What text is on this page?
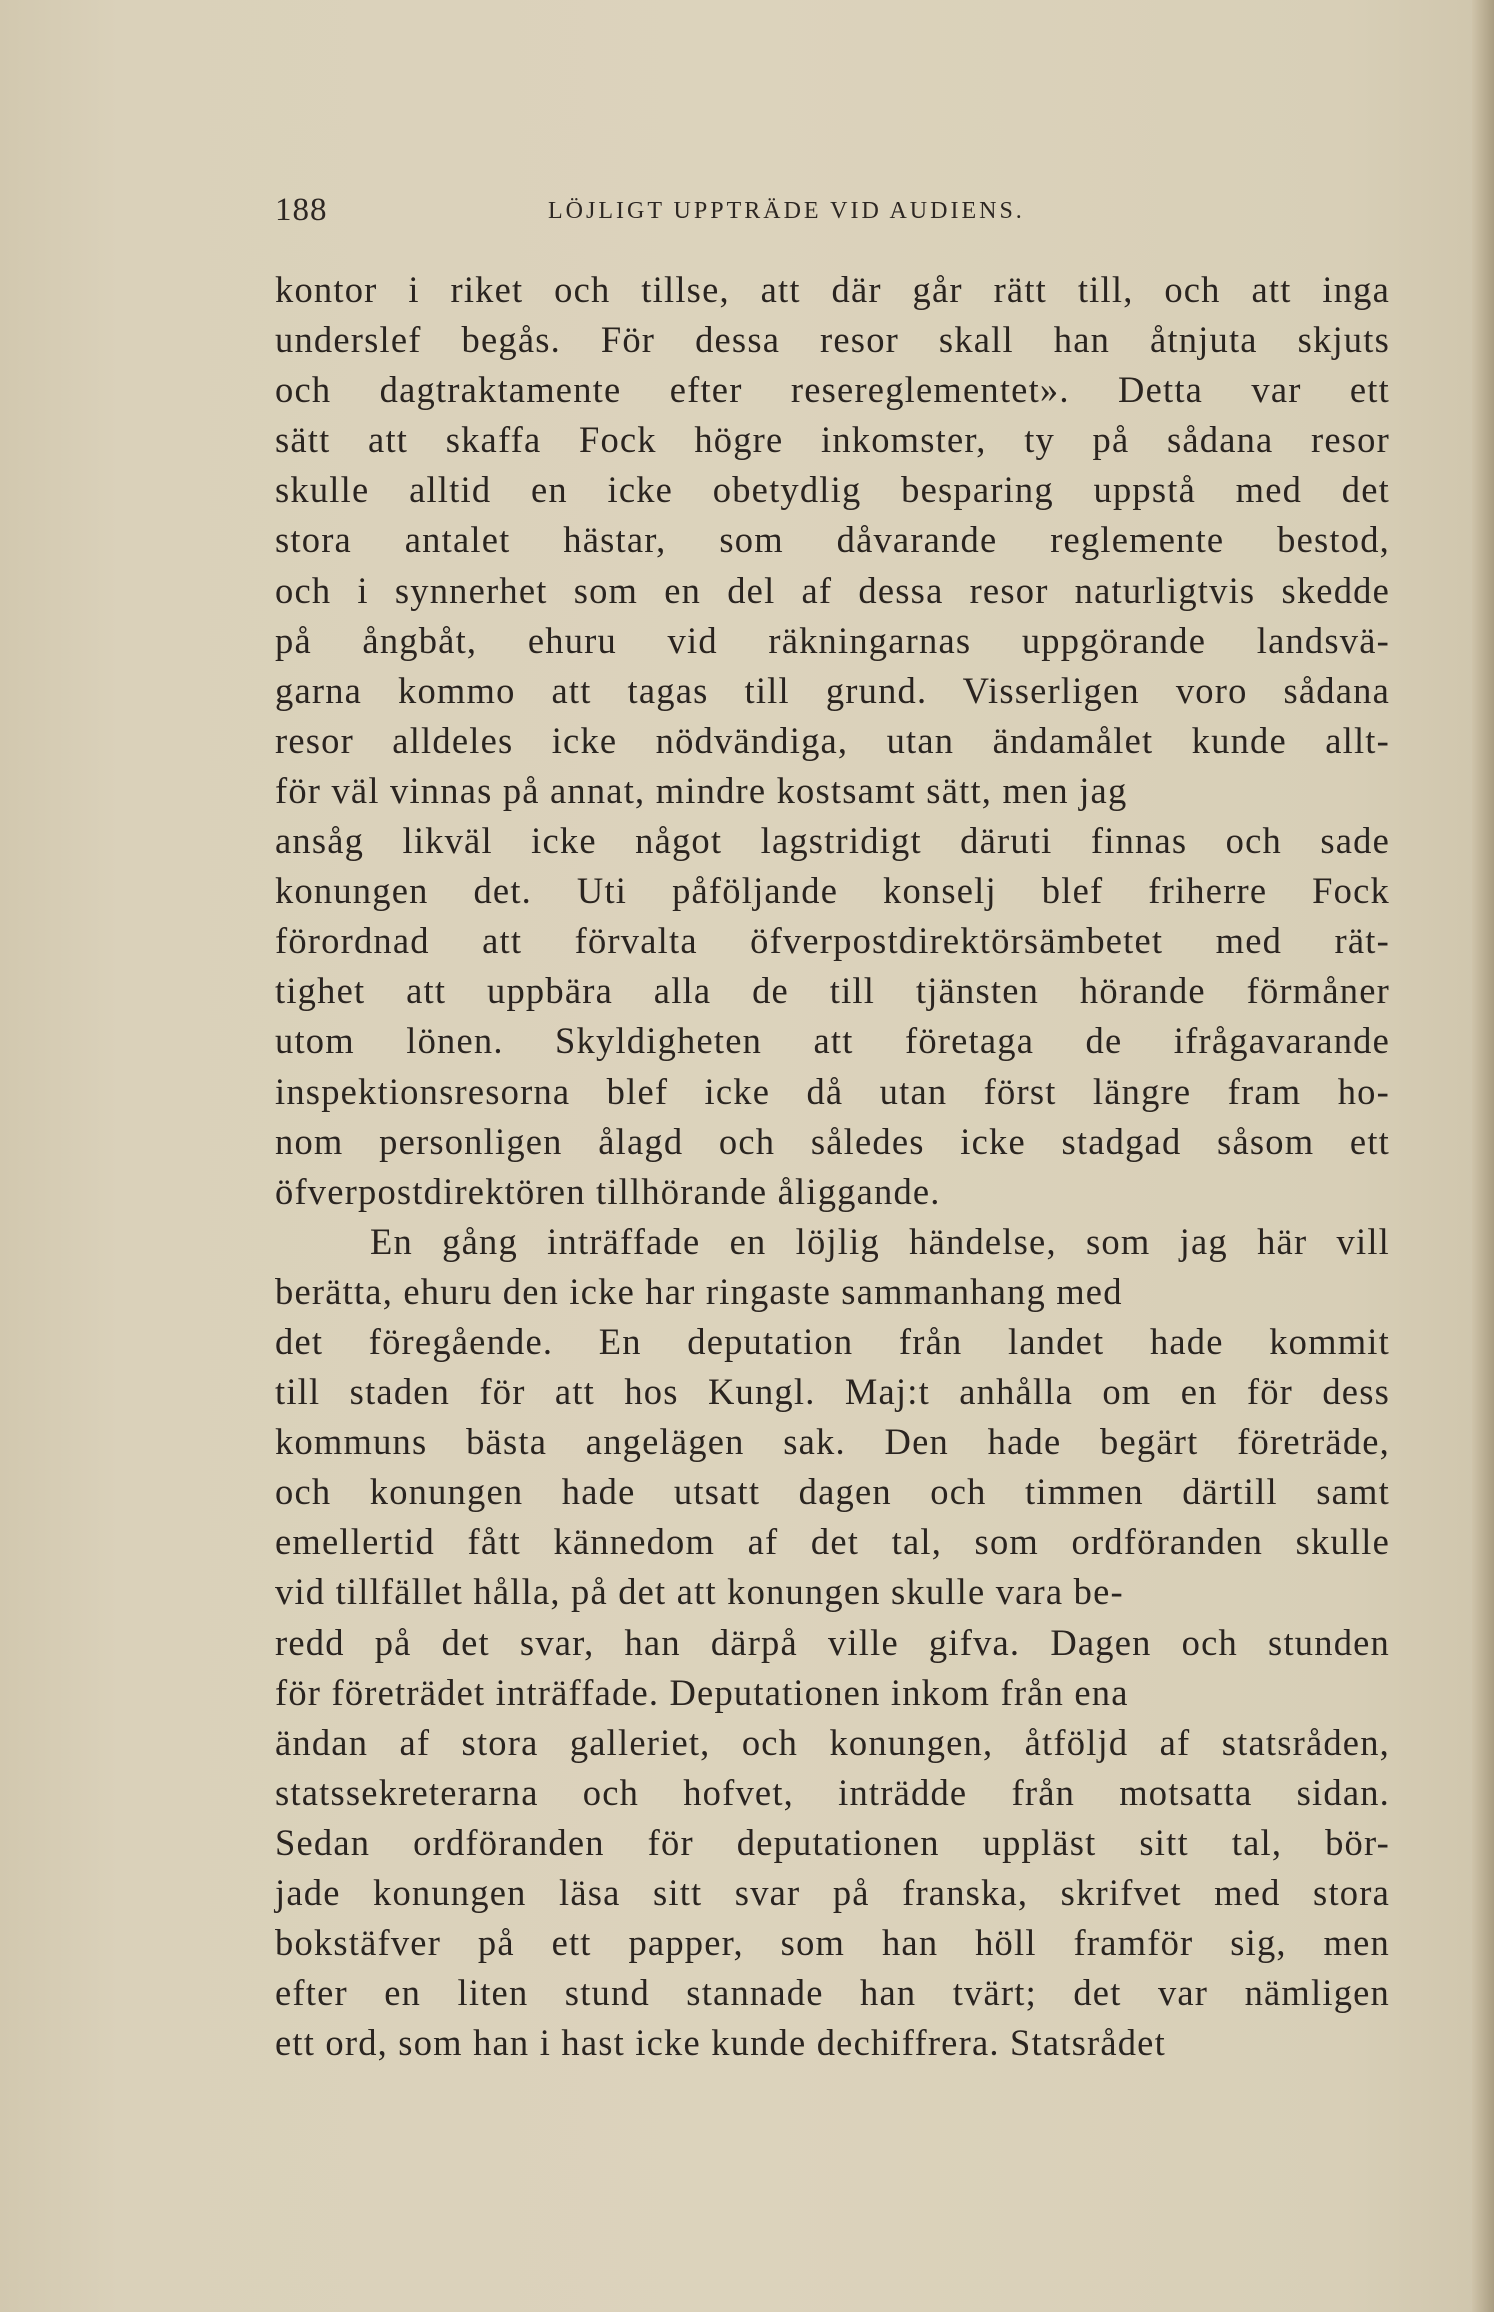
188	LÖJLIGT UPPTRÄDE VID AUDIENS.
kontor i riket och tillse, att där går rätt till, och att inga
underslef begås. För dessa resor skall han åtnjuta skjuts
och dagtraktamente efter resereglementet». Detta var ett
sätt att skaffa Fock högre inkomster, ty på sådana resor
skulle alltid en icke obetydlig besparing uppstå med det
stora antalet hästar, som dåvarande reglemente bestod,
och i synnerhet som en del af dessa resor naturligtvis skedde
på ångbåt, ehuru vid räkningarnas uppgörande landsvä-
garna kommo att tagas till grund. Visserligen voro sådana
resor alldeles icke nödvändiga, utan ändamålet kunde allt-
för väl vinnas på annat, mindre kostsamt sätt, men jag
ansåg likväl icke något lagstridigt däruti finnas och sade
konungen det. Uti påföljande konselj blef friherre Fock
förordnad att förvalta öfverpostdirektörsämbetet med rät-
tighet att uppbära alla de till tjänsten hörande förmåner
utom lönen. Skyldigheten att företaga de ifrågavarande
inspektionsresorna blef icke då utan först längre fram ho-
nom personligen ålagd och således icke stadgad såsom ett
öfverpostdirektören tillhörande åliggande.
En gång inträffade en löjlig händelse, som jag här vill
berätta, ehuru den icke har ringaste sammanhang med
det föregående. En deputation från landet hade kommit
till staden för att hos Kungl. Maj:t anhålla om en för dess
kommuns bästa angelägen sak. Den hade begärt företräde,
och konungen hade utsatt dagen och timmen därtill samt
emellertid fått kännedom af det tal, som ordföranden skulle
vid tillfället hålla, på det att konungen skulle vara be-
redd på det svar, han därpå ville gifva. Dagen och stunden
för företrädet inträffade. Deputationen inkom från ena
ändan af stora galleriet, och konungen, åtföljd af statsråden,
statssekreterarna och hofvet, inträdde från motsatta sidan.
Sedan ordföranden för deputationen uppläst sitt tal, bör-
jade konungen läsa sitt svar på franska, skrifvet med stora
bokstäfver på ett papper, som han höll framför sig, men
efter en liten stund stannade han tvärt; det var nämligen
ett ord, som han i hast icke kunde dechiffrera. Statsrådet
